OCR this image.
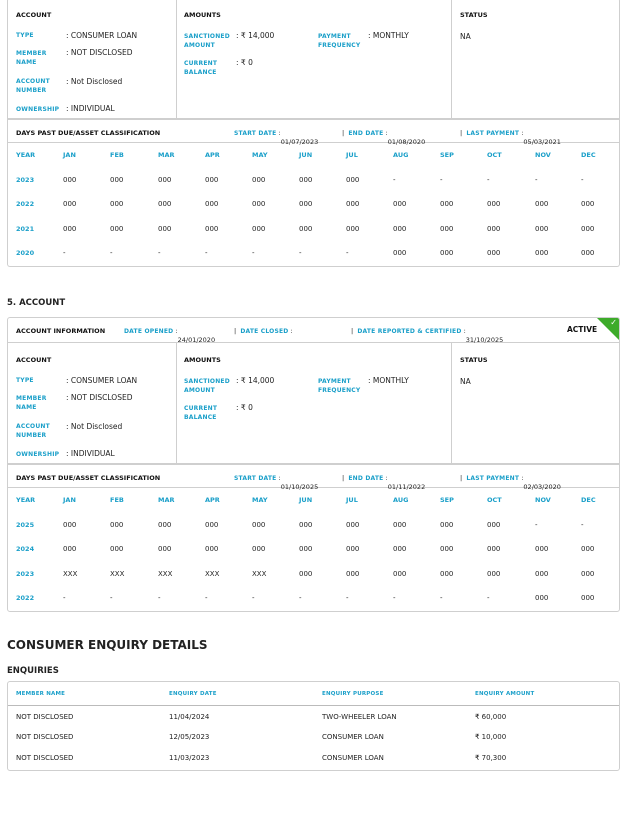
ACCOUNT
TYPE	: CONSUMER LOAN
MEMBER NAME
: NOT DISCLOSED
ACCOUNT NUMBER
: Not Disclosed
OWNERSHIP : INDIVIDUAL
AMOUNTS
SANCTIONED AMOUNT
: ₹ 14,000
CURRENT BALANCE
: ₹ 0
PAYMENT FREQUENCY
: MONTHLY
STATUS
NA
DAYS PAST DUE/ASSET CLASSIFICATION	START DATE :
01/07/2023
|  END DATE :
01/08/2020
|  LAST PAYMENT :
05/03/2021
YEAR	JAN	FEB	MAR	APR	MAY	JUN	JUL	AUG	SEP	OCT	NOV	DEC
2023	000	000	000	000	000	000	000	-	-	-	-	-
2022	000	000	000	000	000	000	000	000	000	000	000	000
2021	000	000	000	000	000	000	000	000	000	000	000	000
2020	-	-	-	-	-	-	-	000	000	000	000	000
5. ACCOUNT
ACCOUNT INFORMATION	DATE OPENED :
24/01/2020
|  DATE CLOSED :	|  DATE REPORTED & CERTIFIED :
31/10/2025
ACTIVE
✓
ACCOUNT
TYPE	: CONSUMER LOAN
MEMBER NAME
: NOT DISCLOSED
ACCOUNT NUMBER
: Not Disclosed
OWNERSHIP : INDIVIDUAL
AMOUNTS
SANCTIONED AMOUNT
: ₹ 14,000
CURRENT BALANCE
: ₹ 0
PAYMENT FREQUENCY
: MONTHLY
STATUS
NA
DAYS PAST DUE/ASSET CLASSIFICATION	START DATE :
01/10/2025
|  END DATE :
01/11/2022
|  LAST PAYMENT :
02/03/2020
YEAR	JAN	FEB	MAR	APR	MAY	JUN	JUL	AUG	SEP	OCT	NOV	DEC
2025	000	000	000	000	000	000	000	000	000	000	-	-
2024	000	000	000	000	000	000	000	000	000	000	000	000
2023	XXX	XXX	XXX	XXX	XXX	000	000	000	000	000	000	000
2022	-	-	-	-	-	-	-	-	-	-	000	000
CONSUMER ENQUIRY DETAILS
ENQUIRIES
MEMBER NAME	ENQUIRY DATE	ENQUIRY PURPOSE	ENQUIRY AMOUNT
NOT DISCLOSED	11/04/2024	TWO-WHEELER LOAN	₹ 60,000
NOT DISCLOSED	12/05/2023	CONSUMER LOAN	₹ 10,000
NOT DISCLOSED	11/03/2023	CONSUMER LOAN	₹ 70,300
